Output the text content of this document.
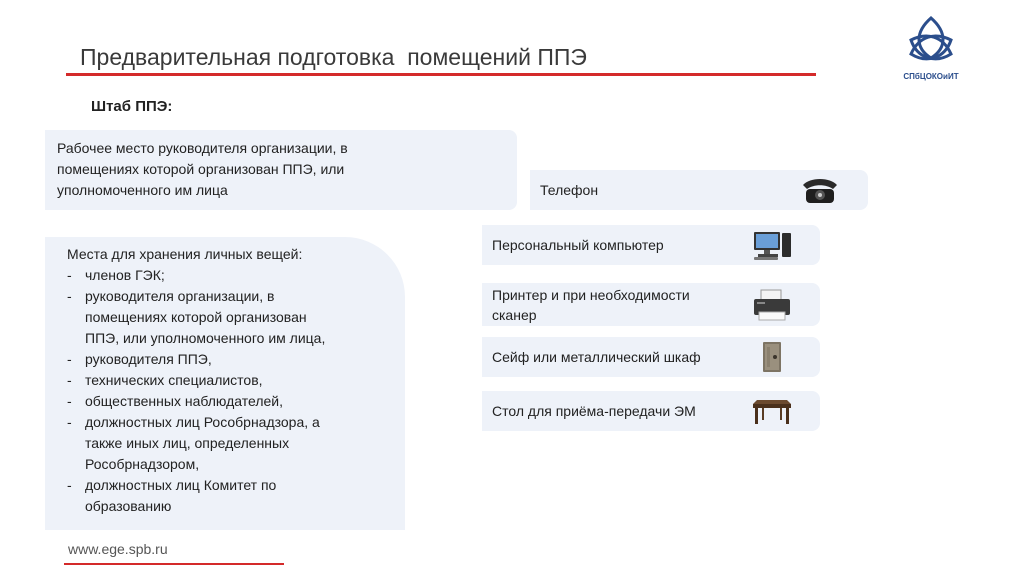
Предварительная подготовка  помещений ППЭ
СПбЦОКОиИТ
Штаб ППЭ:
Рабочее место руководителя организации, в
помещениях которой организован ППЭ, или
уполномоченного им лица
Места для хранения личных вещей:
- членов ГЭК;
- руководителя организации, в
помещениях которой организован
ППЭ, или уполномоченного им лица,
- руководителя ППЭ,
- технических специалистов,
- общественных наблюдателей,
- должностных лиц Рособрнадзора, а
также иных лиц, определенных
Рособрнадзором,
- должностных лиц Комитет по
образованию
Телефон
Персональный компьютер
Принтер и при необходимости
сканер
Сейф или металлический шкаф
Стол для приёма-передачи ЭМ
www.ege.spb.ru
